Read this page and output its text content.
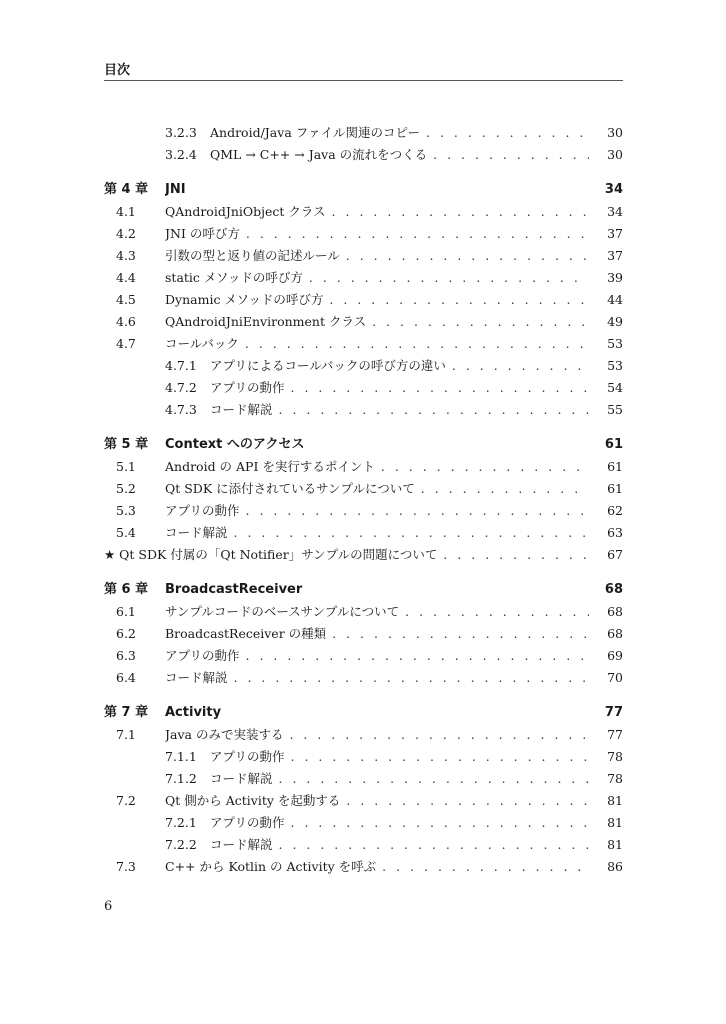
目次
3.2.3 Android/Java ファイル関連のコピー . . .	30
3.2.4 QML → C++ → Java の流れをつくる . . .	30
第 4 章 JNI	34
4.1 QAndroidJniObject クラス . . .	34
4.2 JNI の呼び方 . . .	37
4.3 引数の型と返り値の記述ルール . . .	37
4.4 static メソッドの呼び方 . . .	39
4.5 Dynamic メソッドの呼び方 . . .	44
4.6 QAndroidJniEnvironment クラス . . .	49
4.7 コールバック . . .	53
4.7.1 アプリによるコールバックの呼び方の違い . . .	53
4.7.2 アプリの動作 . . .	54
4.7.3 コード解説 . . .	55
第 5 章 Context へのアクセス	61
5.1 Android の API を実行するポイント . . .	61
5.2 Qt SDK に添付されているサンプルについて . . .	61
5.3 アプリの動作 . . .	62
5.4 コード解説 . . .	63
★ Qt SDK 付属の「Qt Notifier」サンプルの問題について . . .	67
第 6 章 BroadcastReceiver	68
6.1 サンプルコードのベースサンプルについて . . .	68
6.2 BroadcastReceiver の種類 . . .	68
6.3 アプリの動作 . . .	69
6.4 コード解説 . . .	70
第 7 章 Activity	77
7.1 Java のみで実装する . . .	77
7.1.1 アプリの動作 . . .	78
7.1.2 コード解説 . . .	78
7.2 Qt 側から Activity を起動する . . .	81
7.2.1 アプリの動作 . . .	81
7.2.2 コード解説 . . .	81
7.3 C++ から Kotlin の Activity を呼ぶ . . .	86
6
